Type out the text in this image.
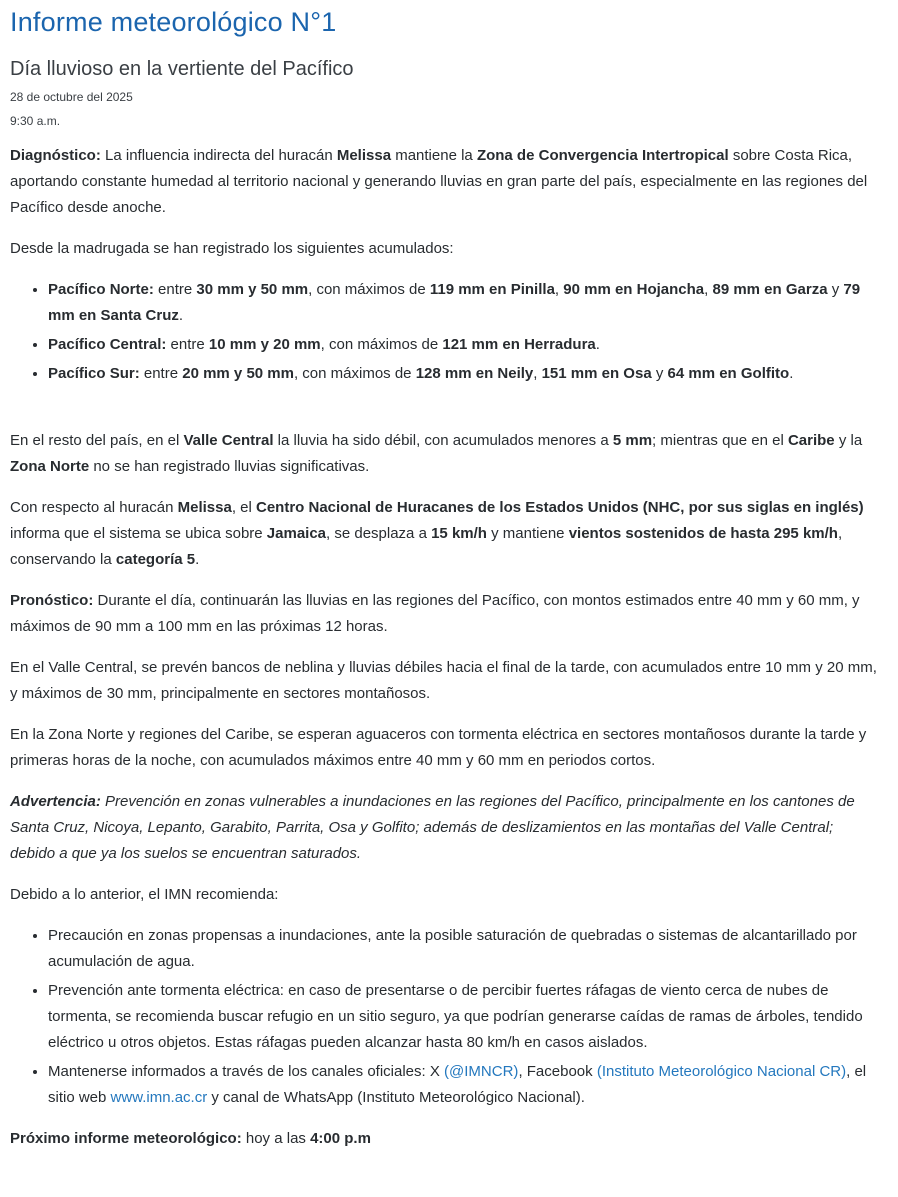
Informe meteorológico N°1
Día lluvioso en la vertiente del Pacífico

28 de octubre del 2025

9:30 a.m.

Diagnóstico: La influencia indirecta del huracán Melissa mantiene la Zona de Convergencia Intertropical sobre Costa Rica, aportando constante humedad al territorio nacional y generando lluvias en gran parte del país, especialmente en las regiones del Pacífico desde anoche.

Desde la madrugada se han registrado los siguientes acumulados:

• Pacífico Norte: entre 30 mm y 50 mm, con máximos de 119 mm en Pinilla, 90 mm en Hojancha, 89 mm en Garza y 79 mm en Santa Cruz.
• Pacífico Central: entre 10 mm y 20 mm, con máximos de 121 mm en Herradura.
• Pacífico Sur: entre 20 mm y 50 mm, con máximos de 128 mm en Neily, 151 mm en Osa y 64 mm en Golfito.

En el resto del país, en el Valle Central la lluvia ha sido débil, con acumulados menores a 5 mm; mientras que en el Caribe y la Zona Norte no se han registrado lluvias significativas.

Con respecto al huracán Melissa, el Centro Nacional de Huracanes de los Estados Unidos (NHC, por sus siglas en inglés) informa que el sistema se ubica sobre Jamaica, se desplaza a 15 km/h y mantiene vientos sostenidos de hasta 295 km/h, conservando la categoría 5.

Pronóstico: Durante el día, continuarán las lluvias en las regiones del Pacífico, con montos estimados entre 40 mm y 60 mm, y máximos de 90 mm a 100 mm en las próximas 12 horas.

En el Valle Central, se prevén bancos de neblina y lluvias débiles hacia el final de la tarde, con acumulados entre 10 mm y 20 mm, y máximos de 30 mm, principalmente en sectores montañosos.

En la Zona Norte y regiones del Caribe, se esperan aguaceros con tormenta eléctrica en sectores montañosos durante la tarde y primeras horas de la noche, con acumulados máximos entre 40 mm y 60 mm en periodos cortos.

Advertencia: Prevención en zonas vulnerables a inundaciones en las regiones del Pacífico, principalmente en los cantones de Santa Cruz, Nicoya, Lepanto, Garabito, Parrita, Osa y Golfito; además de deslizamientos en las montañas del Valle Central; debido a que ya los suelos se encuentran saturados.

Debido a lo anterior, el IMN recomienda:

• Precaución en zonas propensas a inundaciones, ante la posible saturación de quebradas o sistemas de alcantarillado por acumulación de agua.
• Prevención ante tormenta eléctrica: en caso de presentarse o de percibir fuertes ráfagas de viento cerca de nubes de tormenta, se recomienda buscar refugio en un sitio seguro, ya que podrían generarse caídas de ramas de árboles, tendido eléctrico u otros objetos. Estas ráfagas pueden alcanzar hasta 80 km/h en casos aislados.
• Mantenerse informados a través de los canales oficiales: X (@IMNCR), Facebook (Instituto Meteorológico Nacional CR), el sitio web www.imn.ac.cr y canal de WhatsApp (Instituto Meteorológico Nacional).

Próximo informe meteorológico: hoy a las 4:00 p.m
